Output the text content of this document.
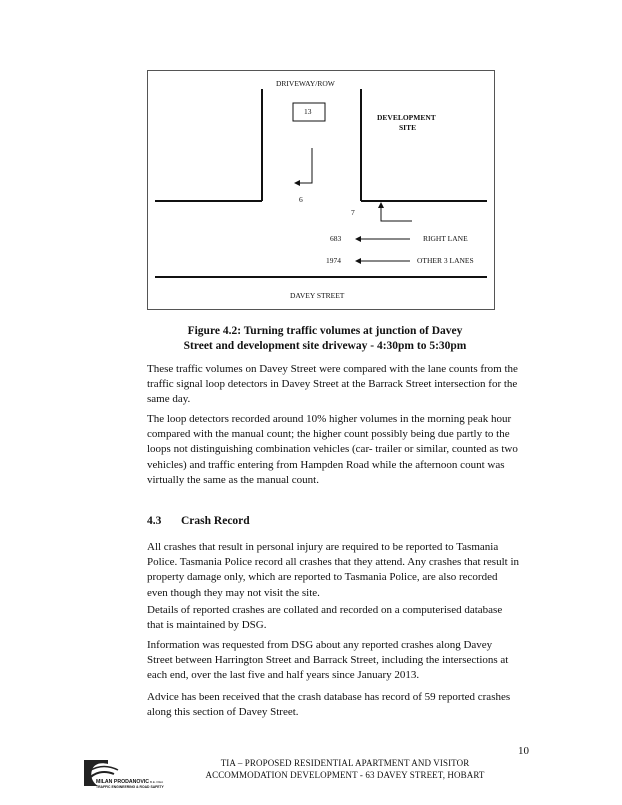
DRIVEWAY/ROW
13
DEVELOPMENT
SITE
6
7
683	RIGHT LANE
1974	OTHER 3 LANES
DAVEY STREET
Figure 4.2: Turning traffic volumes at junction of Davey
Street and development site driveway - 4:30pm to 5:30pm

These traffic volumes on Davey Street were compared with the lane counts from the traffic signal loop detectors in Davey Street at the Barrack Street intersection for the same day.

The loop detectors recorded around 10% higher volumes in the morning peak hour compared with the manual count; the higher count possibly being due partly to the loops not distinguishing combination vehicles (car- trailer or similar, counted as two vehicles) and traffic entering from Hampden Road while the afternoon count was virtually the same as the manual count.

4.3 Crash Record

All crashes that result in personal injury are required to be reported to Tasmania Police. Tasmania Police record all crashes that they attend. Any crashes that result in property damage only, which are reported to Tasmania Police, are also recorded even though they may not visit the site.

Details of reported crashes are collated and recorded on a computerised database that is maintained by DSG.

Information was requested from DSG about any reported crashes along Davey Street between Harrington Street and Barrack Street, including the intersections at each end, over the last five and half years since January 2013.

Advice has been received that the crash database has record of 59 reported crashes along this section of Davey Street.

10
MILAN PRODANOVIC B.E. FIEA
TRAFFIC ENGINEERING & ROAD SAFETY
TIA – PROPOSED RESIDENTIAL APARTMENT AND VISITOR
ACCOMMODATION DEVELOPMENT - 63 DAVEY STREET, HOBART
